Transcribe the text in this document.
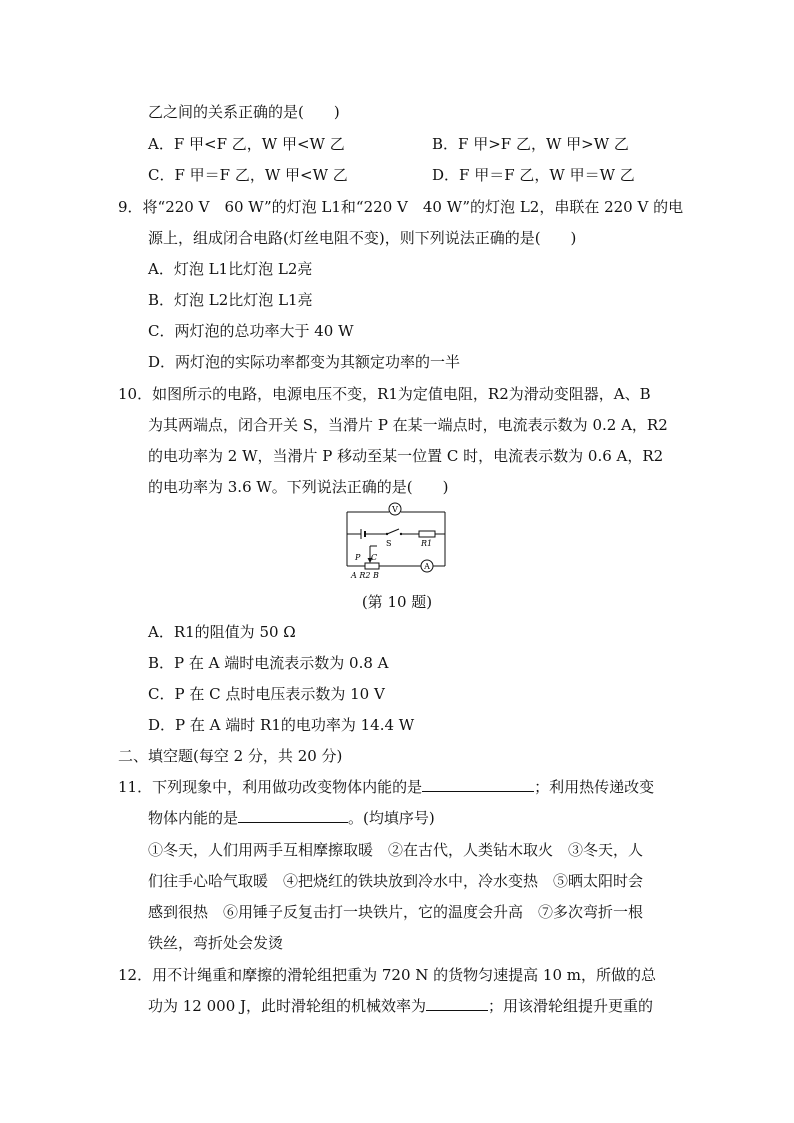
乙之间的关系正确的是(　　)
A．F 甲<F 乙，W 甲<W 乙	B．F 甲>F 乙，W 甲>W 乙
C．F 甲＝F 乙，W 甲<W 乙	D．F 甲＝F 乙，W 甲＝W 乙
9．将“220 V　60 W”的灯泡 L1和“220 V　40 W”的灯泡 L2，串联在 220 V 的电
源上，组成闭合电路(灯丝电阻不变)，则下列说法正确的是(　　)
A．灯泡 L1比灯泡 L2亮
B．灯泡 L2比灯泡 L1亮
C．两灯泡的总功率大于 40 W
D．两灯泡的实际功率都变为其额定功率的一半
10．如图所示的电路，电源电压不变，R1为定值电阻，R2为滑动变阻器，A、B
为其两端点，闭合开关 S，当滑片 P 在某一端点时，电流表示数为 0.2 A，R2
的电功率为 2 W，当滑片 P 移动至某一位置 C 时，电流表示数为 0.6 A，R2
的电功率为 3.6 W。下列说法正确的是(　　)
V
S	R1
A
P C
A R2 B
(第 10 题)
A．R1的阻值为 50 Ω
B．P 在 A 端时电流表示数为 0.8 A
C．P 在 C 点时电压表示数为 10 V
D．P 在 A 端时 R1的电功率为 14.4 W
二、填空题(每空 2 分，共 20 分)
11．下列现象中，利用做功改变物体内能的是	；利用热传递改变
物体内能的是	。(均填序号)
①冬天，人们用两手互相摩擦取暖　②在古代，人类钻木取火　③冬天，人
们往手心哈气取暖　④把烧红的铁块放到冷水中，冷水变热　⑤晒太阳时会
感到很热　⑥用锤子反复击打一块铁片，它的温度会升高　⑦多次弯折一根
铁丝，弯折处会发烫
12．用不计绳重和摩擦的滑轮组把重为 720 N 的货物匀速提高 10 m，所做的总
功为 12 000 J，此时滑轮组的机械效率为	；用该滑轮组提升更重的
